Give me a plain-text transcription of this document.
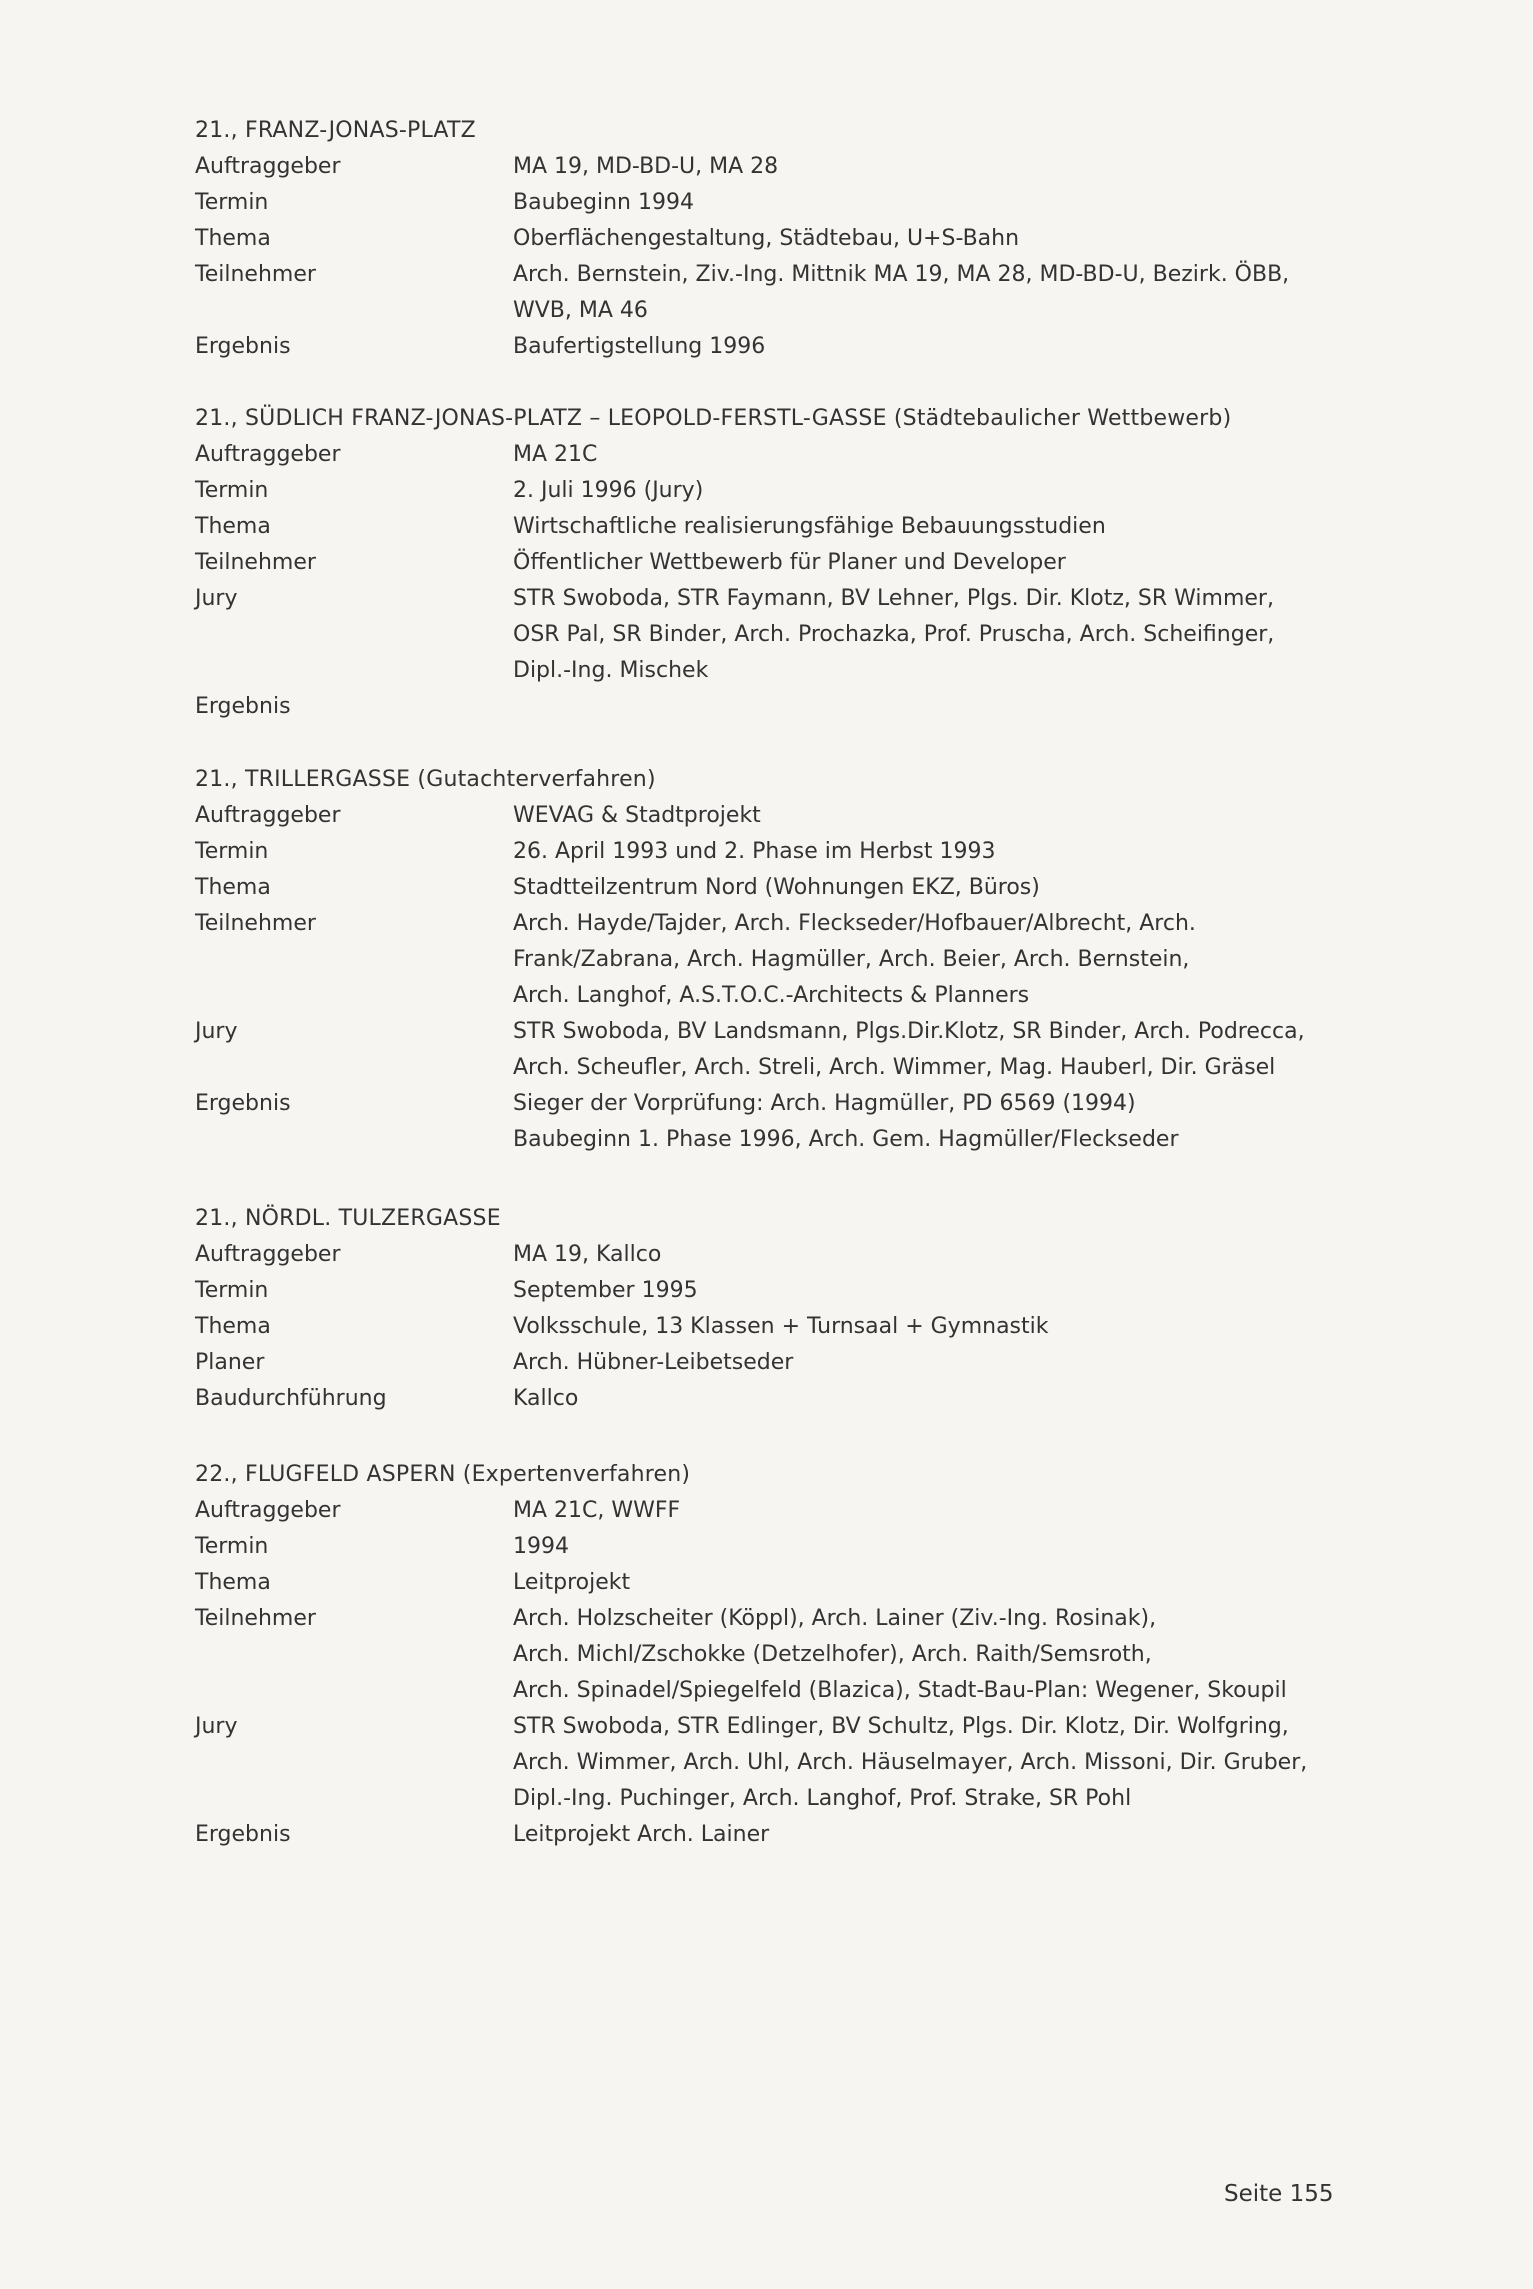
21., FRANZ-JONAS-PLATZ
Auftraggeber	MA 19, MD-BD-U, MA 28
Termin	Baubeginn 1994
Thema	Oberflächengestaltung, Städtebau, U+S-Bahn
Teilnehmer	Arch. Bernstein, Ziv.-Ing. Mittnik MA 19, MA 28, MD-BD-U, Bezirk. ÖBB,
WVB, MA 46
Ergebnis	Baufertigstellung 1996
21., SÜDLICH FRANZ-JONAS-PLATZ – LEOPOLD-FERSTL-GASSE (Städtebaulicher Wettbewerb)
Auftraggeber	MA 21C
Termin	2. Juli 1996 (Jury)
Thema	Wirtschaftliche realisierungsfähige Bebauungsstudien
Teilnehmer	Öffentlicher Wettbewerb für Planer und Developer
Jury	STR Swoboda, STR Faymann, BV Lehner, Plgs. Dir. Klotz, SR Wimmer,
OSR Pal, SR Binder, Arch. Prochazka, Prof. Pruscha, Arch. Scheifinger,
Dipl.-Ing. Mischek
Ergebnis
21., TRILLERGASSE (Gutachterverfahren)
Auftraggeber	WEVAG & Stadtprojekt
Termin	26. April 1993 und 2. Phase im Herbst 1993
Thema	Stadtteilzentrum Nord (Wohnungen EKZ, Büros)
Teilnehmer	Arch. Hayde/Tajder, Arch. Fleckseder/Hofbauer/Albrecht, Arch.
Frank/Zabrana, Arch. Hagmüller, Arch. Beier, Arch. Bernstein,
Arch. Langhof, A.S.T.O.C.-Architects & Planners
Jury	STR Swoboda, BV Landsmann, Plgs.Dir.Klotz, SR Binder, Arch. Podrecca,
Arch. Scheufler, Arch. Streli, Arch. Wimmer, Mag. Hauberl, Dir. Gräsel
Ergebnis	Sieger der Vorprüfung: Arch. Hagmüller, PD 6569 (1994)
Baubeginn 1. Phase 1996, Arch. Gem. Hagmüller/Fleckseder
21., NÖRDL. TULZERGASSE
Auftraggeber	MA 19, Kallco
Termin	September 1995
Thema	Volksschule, 13 Klassen + Turnsaal + Gymnastik
Planer	Arch. Hübner-Leibetseder
Baudurchführung	Kallco
22., FLUGFELD ASPERN (Expertenverfahren)
Auftraggeber	MA 21C, WWFF
Termin	1994
Thema	Leitprojekt
Teilnehmer	Arch. Holzscheiter (Köppl), Arch. Lainer (Ziv.-Ing. Rosinak),
Arch. Michl/Zschokke (Detzelhofer), Arch. Raith/Semsroth,
Arch. Spinadel/Spiegelfeld (Blazica), Stadt-Bau-Plan: Wegener, Skoupil
Jury	STR Swoboda, STR Edlinger, BV Schultz, Plgs. Dir. Klotz, Dir. Wolfgring,
Arch. Wimmer, Arch. Uhl, Arch. Häuselmayer, Arch. Missoni, Dir. Gruber,
Dipl.-Ing. Puchinger, Arch. Langhof, Prof. Strake, SR Pohl
Ergebnis	Leitprojekt Arch. Lainer
Seite 155
